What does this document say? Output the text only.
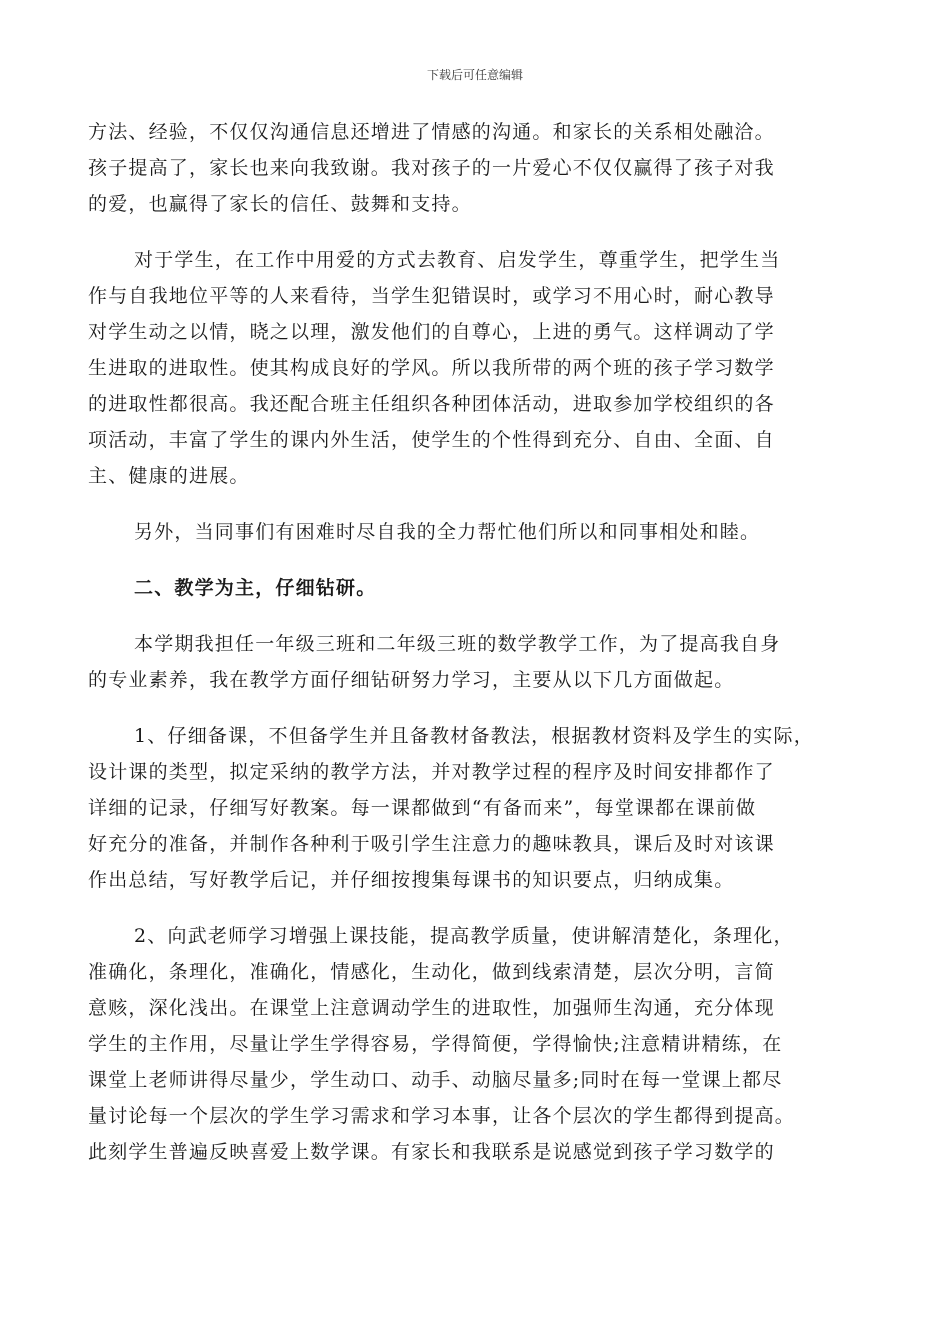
下载后可任意编辑
方法、经验，不仅仅沟通信息还增进了情感的沟通。和家长的关系相处融洽。
孩子提高了，家长也来向我致谢。我对孩子的一片爱心不仅仅赢得了孩子对我
的爱，也赢得了家长的信任、鼓舞和支持。
对于学生，在工作中用爱的方式去教育、启发学生，尊重学生，把学生当
作与自我地位平等的人来看待，当学生犯错误时，或学习不用心时，耐心教导
对学生动之以情，晓之以理，激发他们的自尊心，上进的勇气。这样调动了学
生进取的进取性。使其构成良好的学风。所以我所带的两个班的孩子学习数学
的进取性都很高。我还配合班主任组织各种团体活动，进取参加学校组织的各
项活动，丰富了学生的课内外生活，使学生的个性得到充分、自由、全面、自
主、健康的进展。
另外，当同事们有困难时尽自我的全力帮忙他们所以和同事相处和睦。
二、教学为主，仔细钻研。
本学期我担任一年级三班和二年级三班的数学教学工作，为了提高我自身
的专业素养，我在教学方面仔细钻研努力学习，主要从以下几方面做起。
1、仔细备课，不但备学生并且备教材备教法，根据教材资料及学生的实际，
设计课的类型，拟定采纳的教学方法，并对教学过程的程序及时间安排都作了
详细的记录，仔细写好教案。每一课都做到“有备而来”，每堂课都在课前做
好充分的准备，并制作各种利于吸引学生注意力的趣味教具，课后及时对该课
作出总结，写好教学后记，并仔细按搜集每课书的知识要点，归纳成集。
2、向武老师学习增强上课技能，提高教学质量，使讲解清楚化，条理化，
准确化，条理化，准确化，情感化，生动化，做到线索清楚，层次分明，言简
意赅，深化浅出。在课堂上注意调动学生的进取性，加强师生沟通，充分体现
学生的主作用，尽量让学生学得容易，学得简便，学得愉快;注意精讲精练，在
课堂上老师讲得尽量少，学生动口、动手、动脑尽量多;同时在每一堂课上都尽
量讨论每一个层次的学生学习需求和学习本事，让各个层次的学生都得到提高。
此刻学生普遍反映喜爱上数学课。有家长和我联系是说感觉到孩子学习数学的
